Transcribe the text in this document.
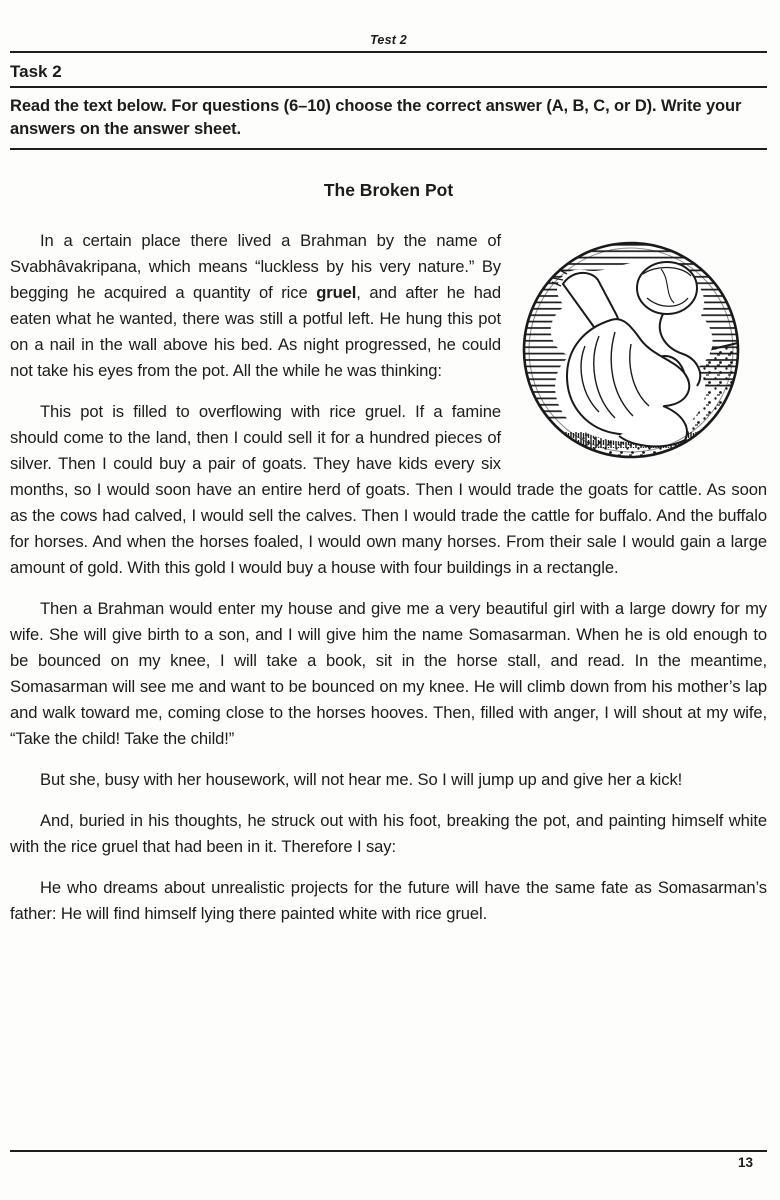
Test 2
Task 2

Read the text below. For questions (6–10) choose the correct answer (A, B, C, or D). Write your answers on the answer sheet.

The Broken Pot

In a certain place there lived a Brahman by the name of Svabhâvakripana, which means “luckless by his very nature.” By begging he acquired a quantity of rice gruel, and after he had eaten what he wanted, there was still a potful left. He hung this pot on a nail in the wall above his bed. As night progressed, he could not take his eyes from the pot. All the while he was thinking:

This pot is filled to overflowing with rice gruel. If a famine should come to the land, then I could sell it for a hundred pieces of silver. Then I could buy a pair of goats. They have kids every six months, so I would soon have an entire herd of goats. Then I would trade the goats for cattle. As soon as the cows had calved, I would sell the calves. Then I would trade the cattle for buffalo. And the buffalo for horses. And when the horses foaled, I would own many horses. From their sale I would gain a large amount of gold. With this gold I would buy a house with four buildings in a rectangle.

Then a Brahman would enter my house and give me a very beautiful girl with a large dowry for my wife. She will give birth to a son, and I will give him the name Somasarman. When he is old enough to be bounced on my knee, I will take a book, sit in the horse stall, and read. In the meantime, Somasarman will see me and want to be bounced on my knee. He will climb down from his mother’s lap and walk toward me, coming close to the horses hooves. Then, filled with anger, I will shout at my wife, “Take the child! Take the child!”

But she, busy with her housework, will not hear me. So I will jump up and give her a kick!

And, buried in his thoughts, he struck out with his foot, breaking the pot, and painting himself white with the rice gruel that had been in it. Therefore I say:

He who dreams about unrealistic projects for the future will have the same fate as Somasarman’s father: He will find himself lying there painted white with rice gruel.

13
